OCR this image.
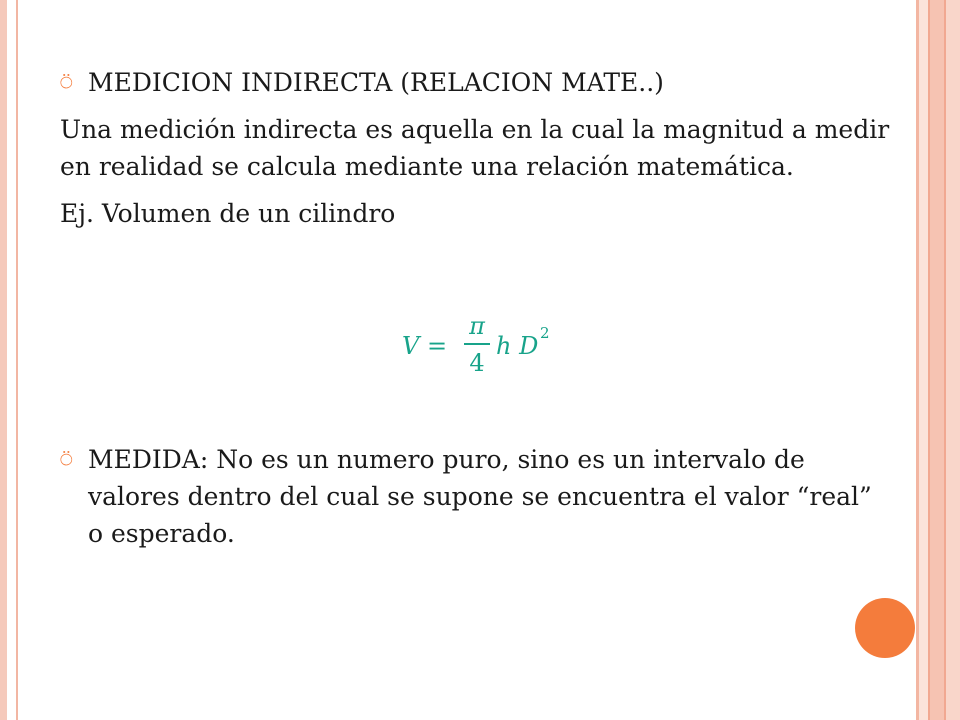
⍥ MEDICION INDIRECTA (RELACION MATE..)

Una medición indirecta es aquella en la cual la magnitud a medir en realidad se calcula mediante una relación matemática.

Ej. Volumen de un cilindro

V =
π
4
h D 2
⍥ MEDIDA: No es un numero puro, sino es un intervalo de valores dentro del cual se supone se encuentra el valor “real” o esperado.
